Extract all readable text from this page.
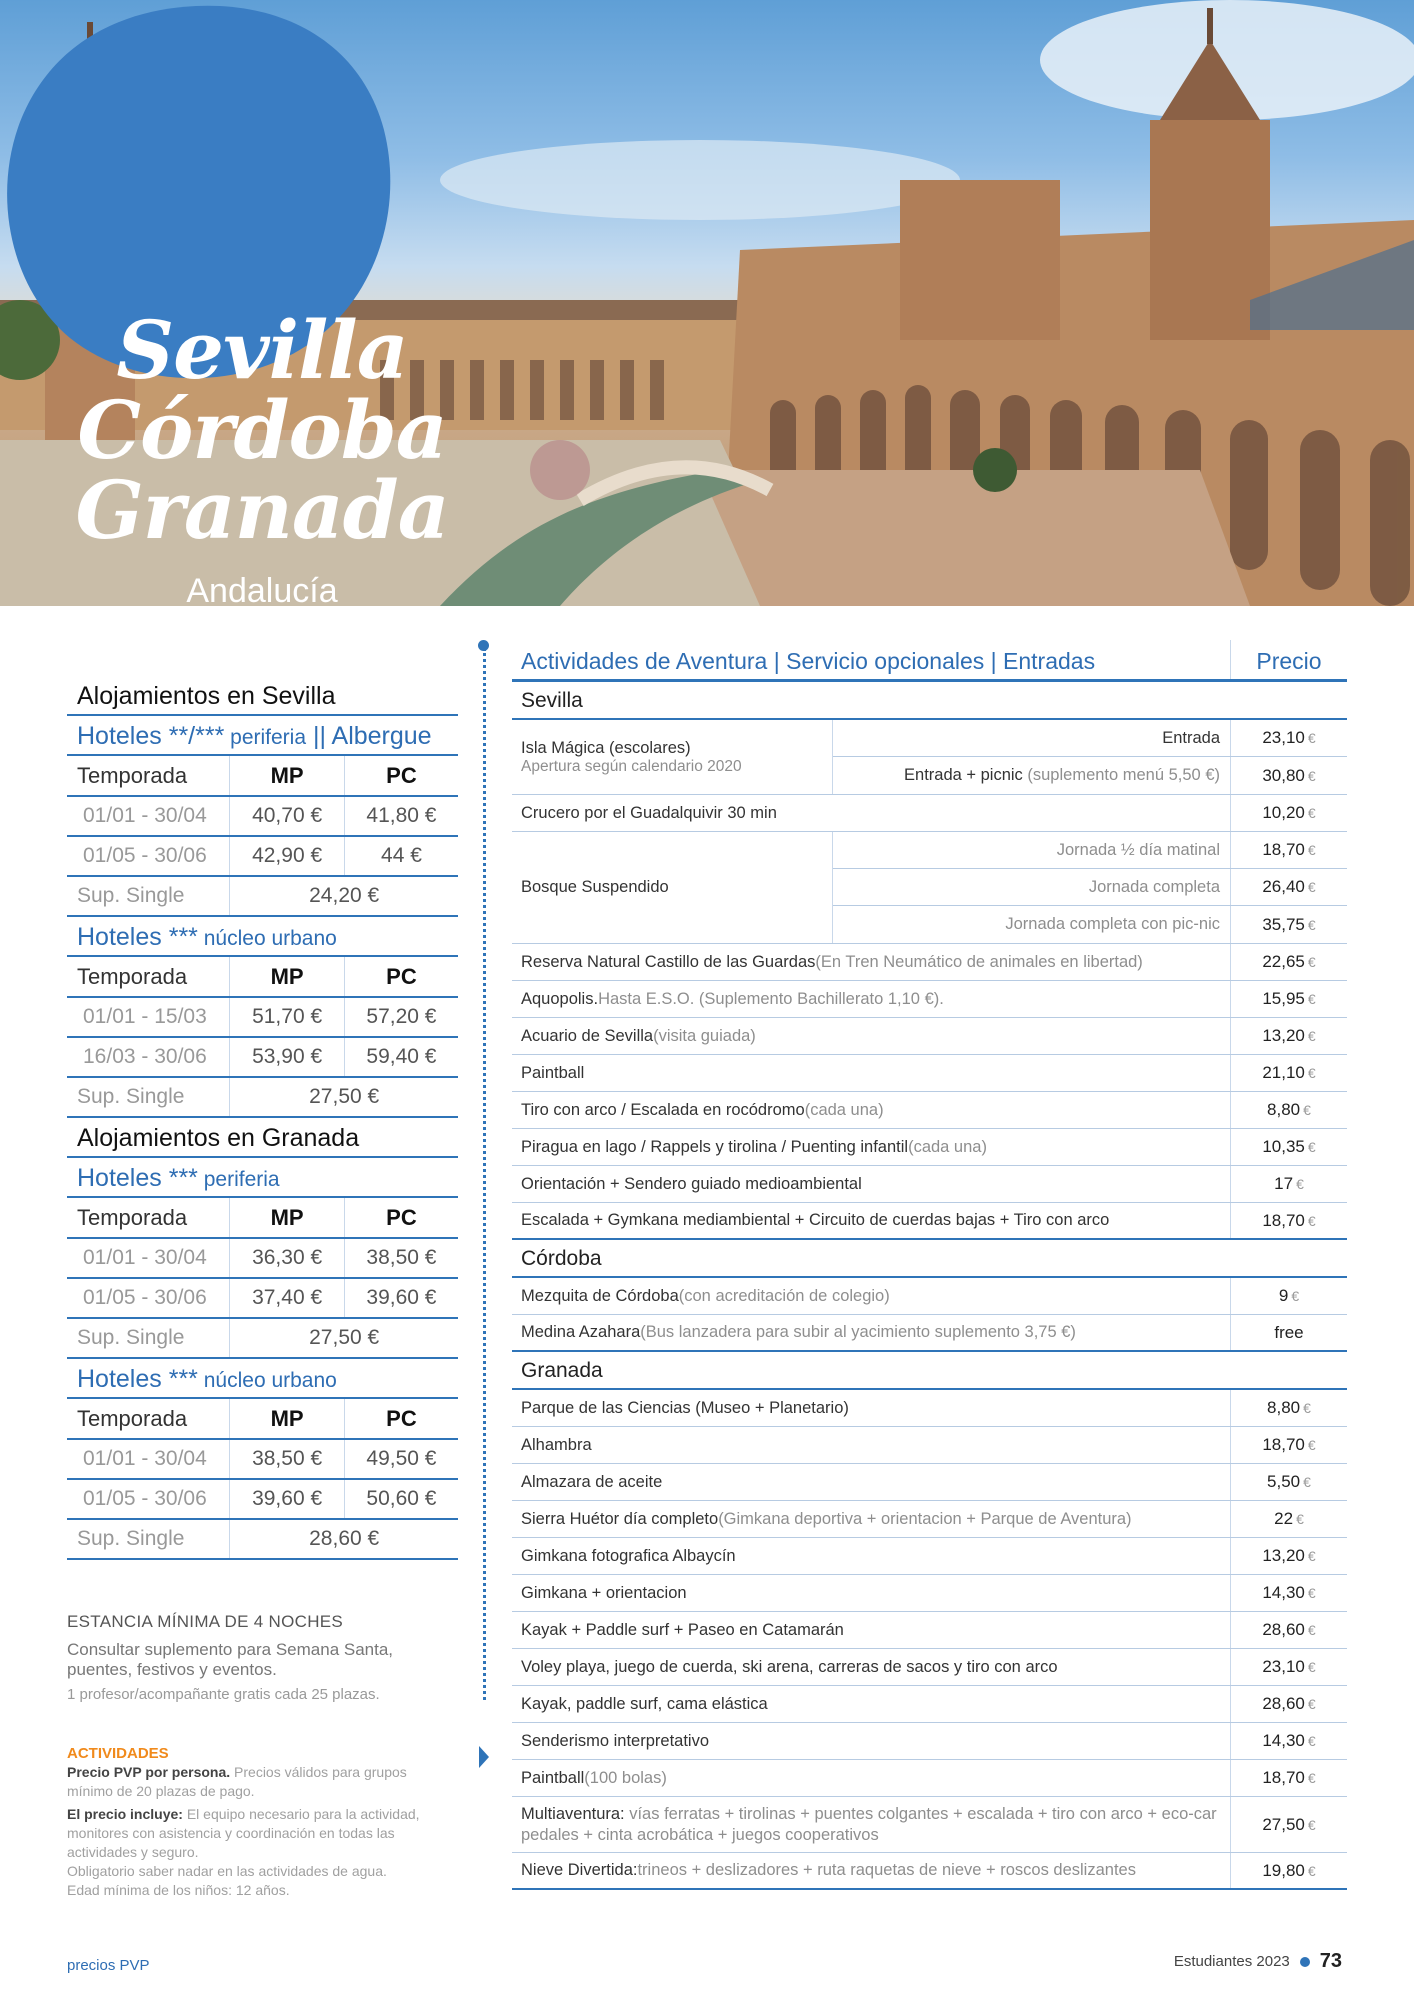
Sevilla
Córdoba
Granada
Andalucía
Alojamientos en Sevilla
Hoteles **/*** periferia || Albergue
Temporada	MP	PC
01/01 - 30/04	40,70 €	41,80 €
01/05 - 30/06	42,90 €	44 €
Sup. Single	24,20 €	
Hoteles *** núcleo urbano
Temporada	MP	PC
01/01 - 15/03	51,70 €	57,20 €
16/03 - 30/06	53,90 €	59,40 €
Sup. Single	27,50 €	
Alojamientos en Granada
Hoteles *** periferia
Temporada	MP	PC
01/01 - 30/04	36,30 €	38,50 €
01/05 - 30/06	37,40 €	39,60 €
Sup. Single	27,50 €	
Hoteles *** núcleo urbano
Temporada	MP	PC
01/01 - 30/04	38,50 €	49,50 €
01/05 - 30/06	39,60 €	50,60 €
Sup. Single	28,60 €	
ESTANCIA MÍNIMA DE 4 NOCHES
Consultar suplemento para Semana Santa, puentes, festivos y eventos.
1 profesor/acompañante gratis cada 25 plazas.
ACTIVIDADES

Precio PVP por persona. Precios válidos para grupos mínimo de 20 plazas de pago.

El precio incluye: El equipo necesario para la actividad, monitores con asistencia y coordinación en todas las actividades y seguro.
Obligatorio saber nadar en las actividades de agua.
Edad mínima de los niños: 12 años.

Actividades de Aventura | Servicio opcionales | Entradas	Precio
Sevilla
Isla Mágica (escolares)
Apertura según calendario 2020
Entrada	23,10 €
Entrada + picnic (suplemento menú 5,50 €)	30,80 €
Crucero por el Guadalquivir 30 min	10,20 €
Bosque Suspendido
Jornada ½ día matinal	18,70 €
Jornada completa	26,40 €
Jornada completa con pic-nic	35,75 €
Reserva Natural Castillo de las Guardas (En Tren Neumático de animales en libertad)	22,65 €
Aquopolis. Hasta E.S.O. (Suplemento Bachillerato 1,10 €).	15,95 €
Acuario de Sevilla (visita guiada)	13,20 €
Paintball	21,10 €
Tiro con arco / Escalada en rocódromo (cada una)	8,80 €
Piragua en lago / Rappels y tirolina / Puenting infantil (cada una)	10,35 €
Orientación + Sendero guiado medioambiental	17 €
Escalada + Gymkana mediambiental + Circuito de cuerdas bajas + Tiro con arco	18,70 €
Córdoba
Mezquita de Córdoba (con acreditación de colegio)	9 €
Medina Azahara (Bus lanzadera para subir al yacimiento suplemento 3,75 €)	free
Granada
Parque de las Ciencias (Museo + Planetario)	8,80 €
Alhambra	18,70 €
Almazara de aceite	5,50 €
Sierra Huétor día completo (Gimkana deportiva + orientacion + Parque de Aventura)	22 €
Gimkana fotografica Albaycín	13,20 €
Gimkana + orientacion	14,30 €
Kayak + Paddle surf + Paseo en Catamarán	28,60 €
Voley playa, juego de cuerda, ski arena, carreras de sacos y tiro con arco	23,10 €
Kayak, paddle surf, cama elástica	28,60 €
Senderismo interpretativo	14,30 €
Paintball (100 bolas)	18,70 €
Multiaventura: vías ferratas + tirolinas + puentes colgantes + escalada + tiro con arco + eco-car pedales + cinta acrobática + juegos cooperativos
27,50 €
Nieve Divertida: trineos + deslizadores + ruta raquetas de nieve + roscos deslizantes	19,80 €
precios PVP	Estudiantes 2023 73
